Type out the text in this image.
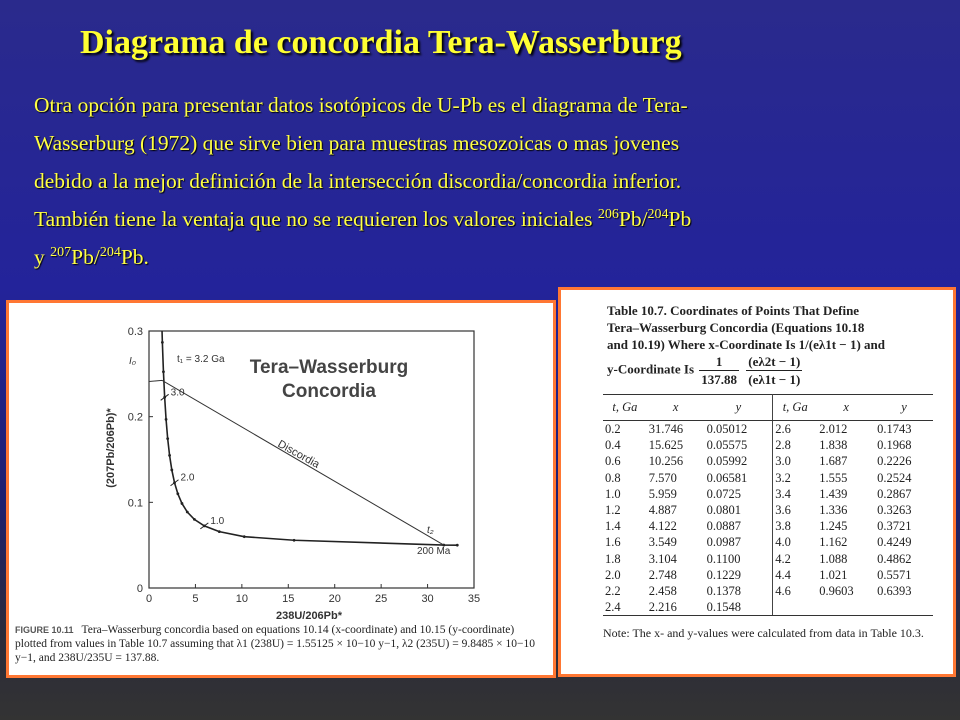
Diagrama de concordia Tera-Wasserburg
Otra opción para presentar datos isotópicos de U-Pb es el diagrama de Tera-
Wasserburg (1972) que sirve bien para muestras mesozoicas o mas jovenes
debido a la mejor definición de la intersección discordia/concordia inferior.
También tiene la ventaja que no se requieren los valores iniciales $^{206}$Pb/$^{204}$Pb
y $^{207}$Pb/$^{204}$Pb.
0	5	10	15	20	25	30	35
0
0.1
0.2
0.3
3.0
2.0
1.0
Tera–Wasserburg
Concordia
Discordia
t₁ = 3.2 Ga
I₀
t₂
200 Ma
(207Pb/206Pb)*
238U/206Pb*
FIGURE 10.11 Tera–Wasserburg concordia based on equations 10.14 (x-coordinate) and 10.15 (y-coordinate) plotted from values in Table 10.7 assuming that λ1 (238U) = 1.55125 × 10−10 y−1, λ2 (235U) = 9.8485 × 10−10 y−1, and 238U/235U = 137.88.
Table 10.7. Coordinates of Points That Define
Tera–Wasserburg Concordia (Equations 10.18
and 10.19) Where x-Coordinate Is 1/(eλ1t − 1) and
y-Coordinate Is $\frac{1}{137.88}$
$\frac{(e\lambda 2t - 1)}{(e\lambda 1t - 1)}$
t, Ga	x	y	t, Ga	x	y
0.2	31.746	0.05012	2.6	2.012	0.1743
0.4	15.625	0.05575	2.8	1.838	0.1968
0.6	10.256	0.05992	3.0	1.687	0.2226
0.8	7.570	0.06581	3.2	1.555	0.2524
1.0	5.959	0.0725	3.4	1.439	0.2867
1.2	4.887	0.0801	3.6	1.336	0.3263
1.4	4.122	0.0887	3.8	1.245	0.3721
1.6	3.549	0.0987	4.0	1.162	0.4249
1.8	3.104	0.1100	4.2	1.088	0.4862
2.0	2.748	0.1229	4.4	1.021	0.5571
2.2	2.458	0.1378	4.6	0.9603	0.6393
2.4	2.216	0.1548			
Note: The x- and y-values were calculated from data in Table 10.3.
